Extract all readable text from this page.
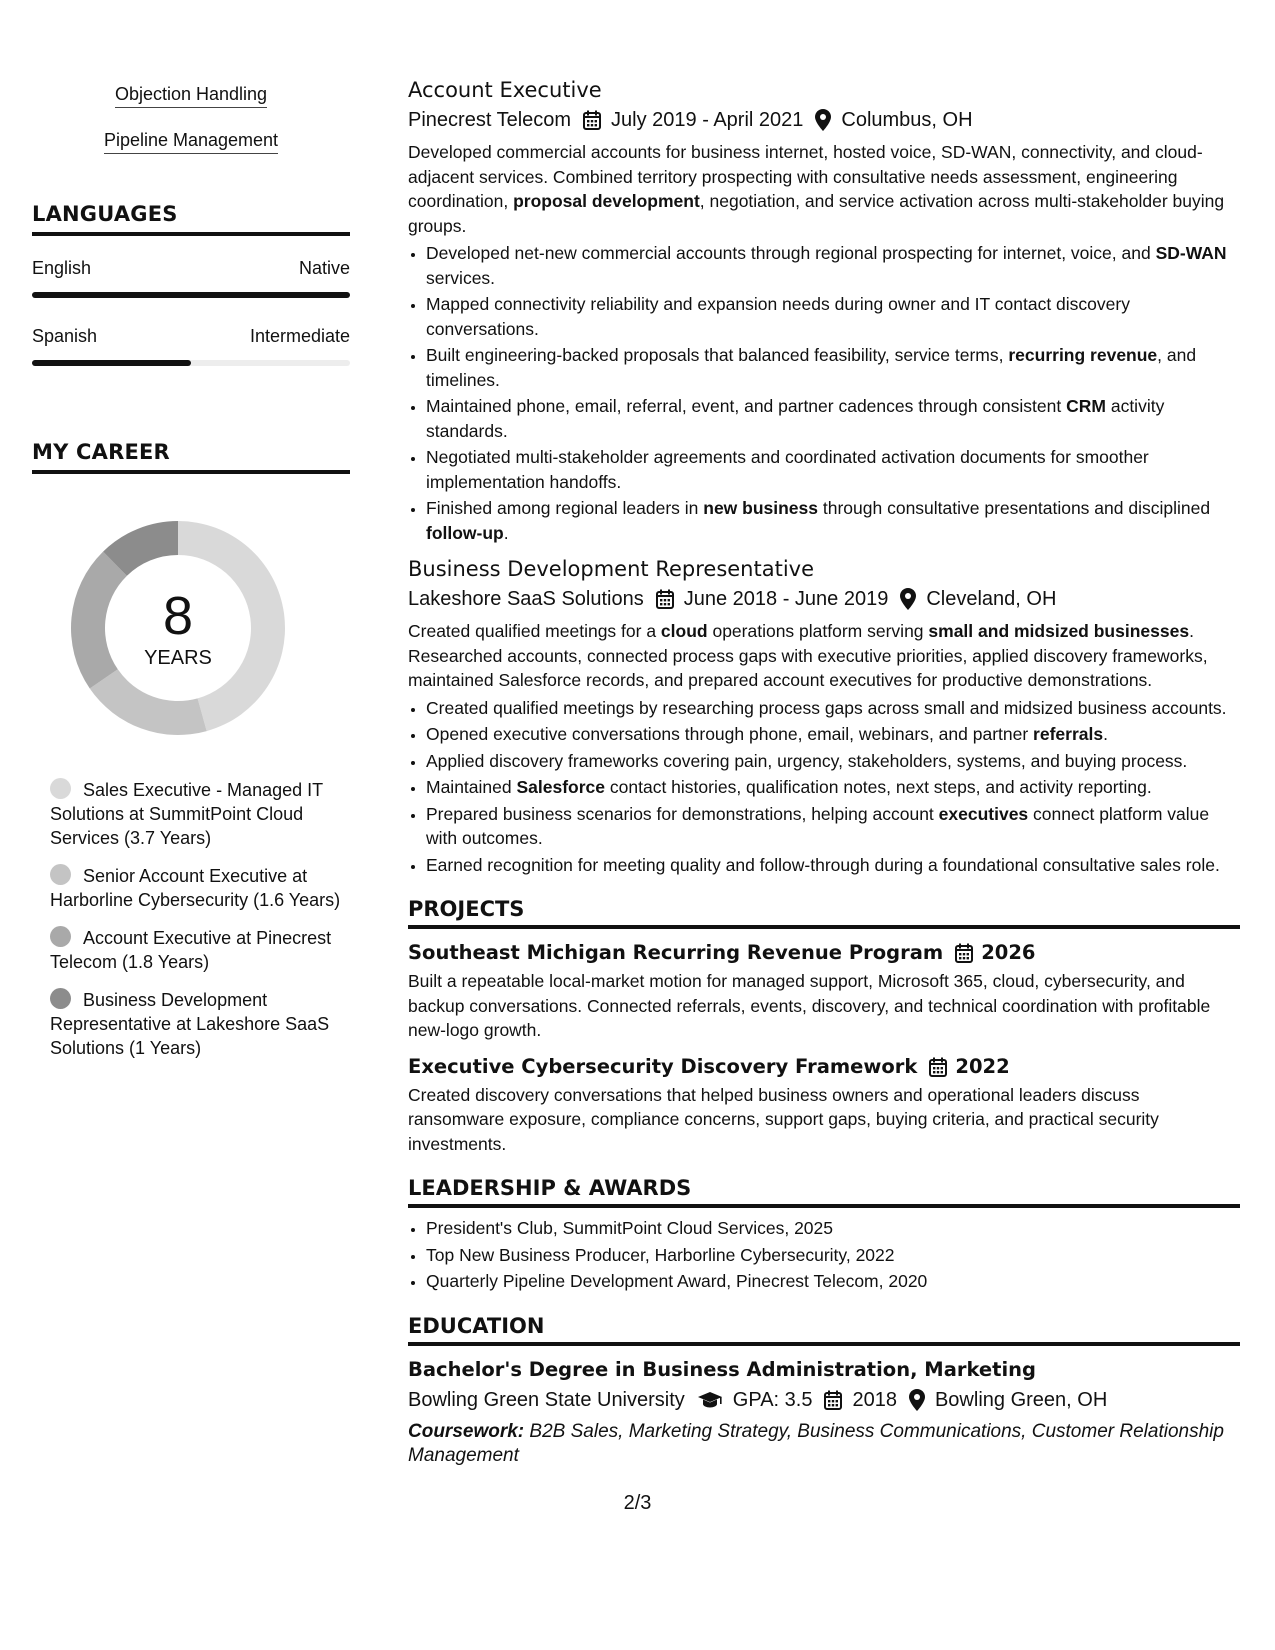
Objection Handling
Pipeline Management
LANGUAGES
English	Native
Spanish	Intermediate
MY CAREER
8
YEARS
Sales Executive - Managed IT Solutions at SummitPoint Cloud Services (3.7 Years)
Senior Account Executive at Harborline Cybersecurity (1.6 Years)
Account Executive at Pinecrest Telecom (1.8 Years)
Business Development Representative at Lakeshore SaaS Solutions (1 Years)
Account Executive
Pinecrest Telecom July 2019 - April 2021 Columbus, OH
Developed commercial accounts for business internet, hosted voice, SD-WAN, connectivity, and cloud-adjacent services. Combined territory prospecting with consultative needs assessment, engineering coordination, proposal development, negotiation, and service activation across multi-stakeholder buying groups.
• Developed net-new commercial accounts through regional prospecting for internet, voice, and SD-WAN services.
• Mapped connectivity reliability and expansion needs during owner and IT contact discovery conversations.
• Built engineering-backed proposals that balanced feasibility, service terms, recurring revenue, and timelines.
• Maintained phone, email, referral, event, and partner cadences through consistent CRM activity standards.
• Negotiated multi-stakeholder agreements and coordinated activation documents for smoother implementation handoffs.
• Finished among regional leaders in new business through consultative presentations and disciplined follow-up.
Business Development Representative
Lakeshore SaaS Solutions June 2018 - June 2019 Cleveland, OH
Created qualified meetings for a cloud operations platform serving small and midsized businesses. Researched accounts, connected process gaps with executive priorities, applied discovery frameworks, maintained Salesforce records, and prepared account executives for productive demonstrations.
• Created qualified meetings by researching process gaps across small and midsized business accounts.
• Opened executive conversations through phone, email, webinars, and partner referrals.
• Applied discovery frameworks covering pain, urgency, stakeholders, systems, and buying process.
• Maintained Salesforce contact histories, qualification notes, next steps, and activity reporting.
• Prepared business scenarios for demonstrations, helping account executives connect platform value with outcomes.
• Earned recognition for meeting quality and follow-through during a foundational consultative sales role.
PROJECTS
Southeast Michigan Recurring Revenue Program 2026
Built a repeatable local-market motion for managed support, Microsoft 365, cloud, cybersecurity, and backup conversations. Connected referrals, events, discovery, and technical coordination with profitable new-logo growth.
Executive Cybersecurity Discovery Framework 2022
Created discovery conversations that helped business owners and operational leaders discuss ransomware exposure, compliance concerns, support gaps, buying criteria, and practical security investments.
LEADERSHIP & AWARDS
• President's Club, SummitPoint Cloud Services, 2025
• Top New Business Producer, Harborline Cybersecurity, 2022
• Quarterly Pipeline Development Award, Pinecrest Telecom, 2020
EDUCATION
Bachelor's Degree in Business Administration, Marketing
Bowling Green State University GPA: 3.5 2018 Bowling Green, OH
Coursework: B2B Sales, Marketing Strategy, Business Communications, Customer Relationship Management
2/3
